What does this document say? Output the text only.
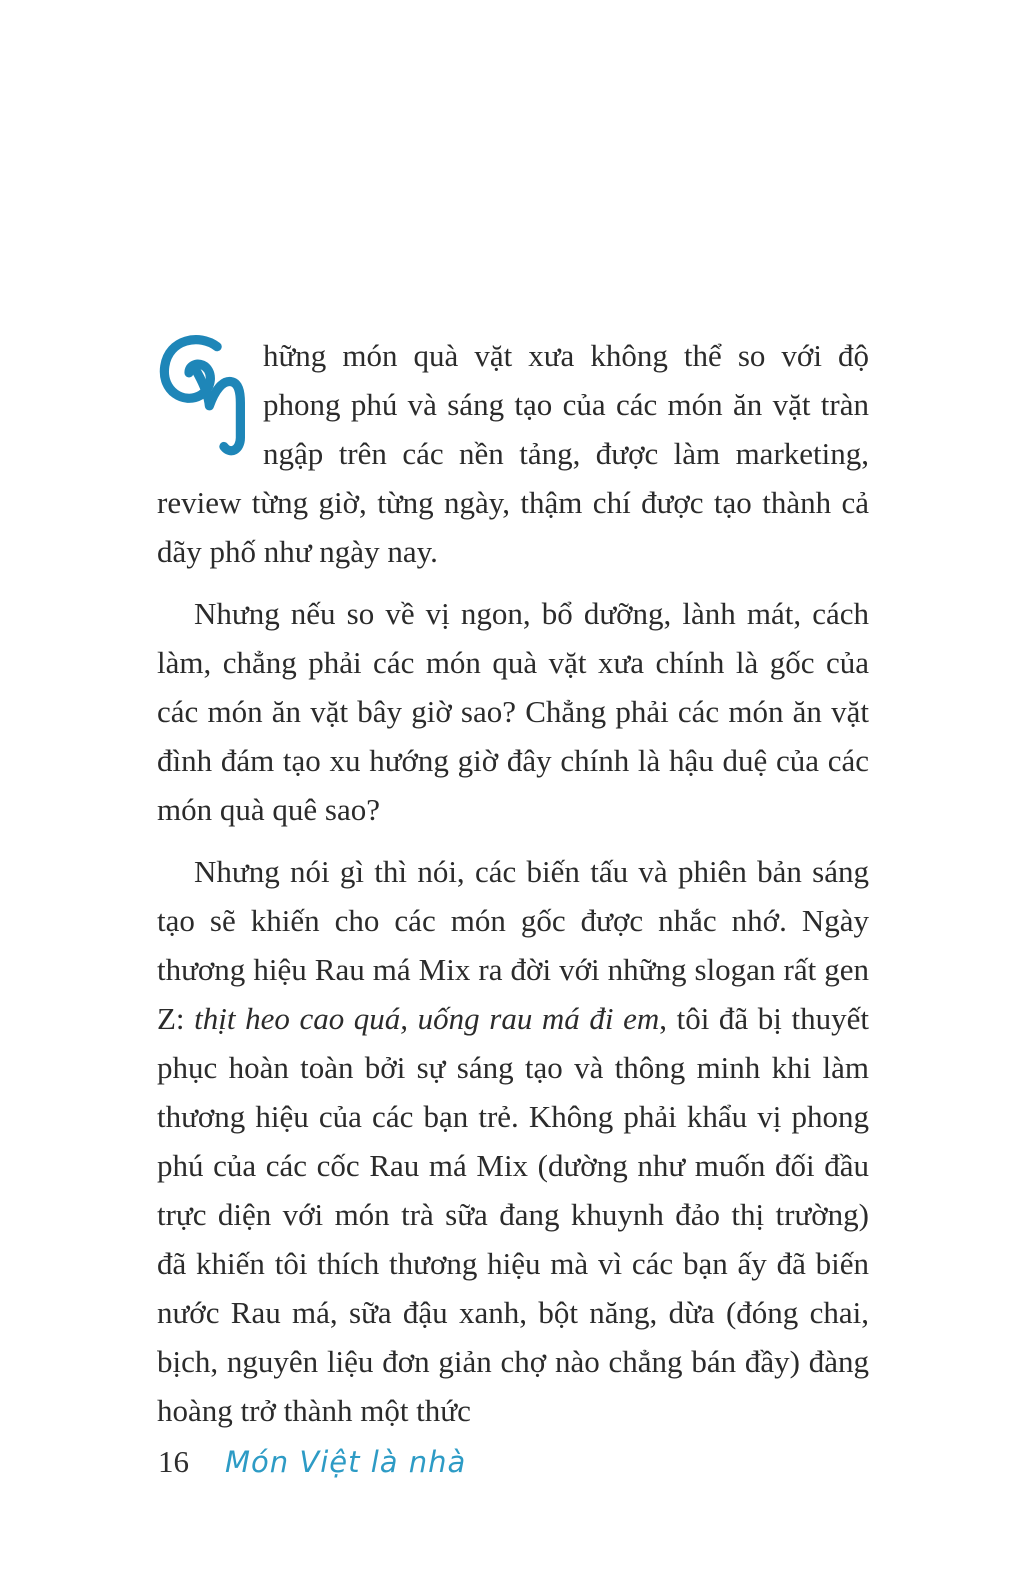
hững món quà vặt xưa không thể so với độ phong phú và sáng tạo của các món ăn vặt tràn ngập trên các nền tảng, được làm marketing, review từng giờ, từng ngày, thậm chí được tạo thành cả dãy phố như ngày nay.

Nhưng nếu so về vị ngon, bổ dưỡng, lành mát, cách làm, chẳng phải các món quà vặt xưa chính là gốc của các món ăn vặt bây giờ sao? Chẳng phải các món ăn vặt đình đám tạo xu hướng giờ đây chính là hậu duệ của các món quà quê sao?

Nhưng nói gì thì nói, các biến tấu và phiên bản sáng tạo sẽ khiến cho các món gốc được nhắc nhớ. Ngày thương hiệu Rau má Mix ra đời với những slogan rất gen Z: thịt heo cao quá, uống rau má đi em, tôi đã bị thuyết phục hoàn toàn bởi sự sáng tạo và thông minh khi làm thương hiệu của các bạn trẻ. Không phải khẩu vị phong phú của các cốc Rau má Mix (dường như muốn đối đầu trực diện với món trà sữa đang khuynh đảo thị trường) đã khiến tôi thích thương hiệu mà vì các bạn ấy đã biến nước Rau má, sữa đậu xanh, bột năng, dừa (đóng chai, bịch, nguyên liệu đơn giản chợ nào chẳng bán đầy) đàng hoàng trở thành một thức

16 Món Việt là nhà
